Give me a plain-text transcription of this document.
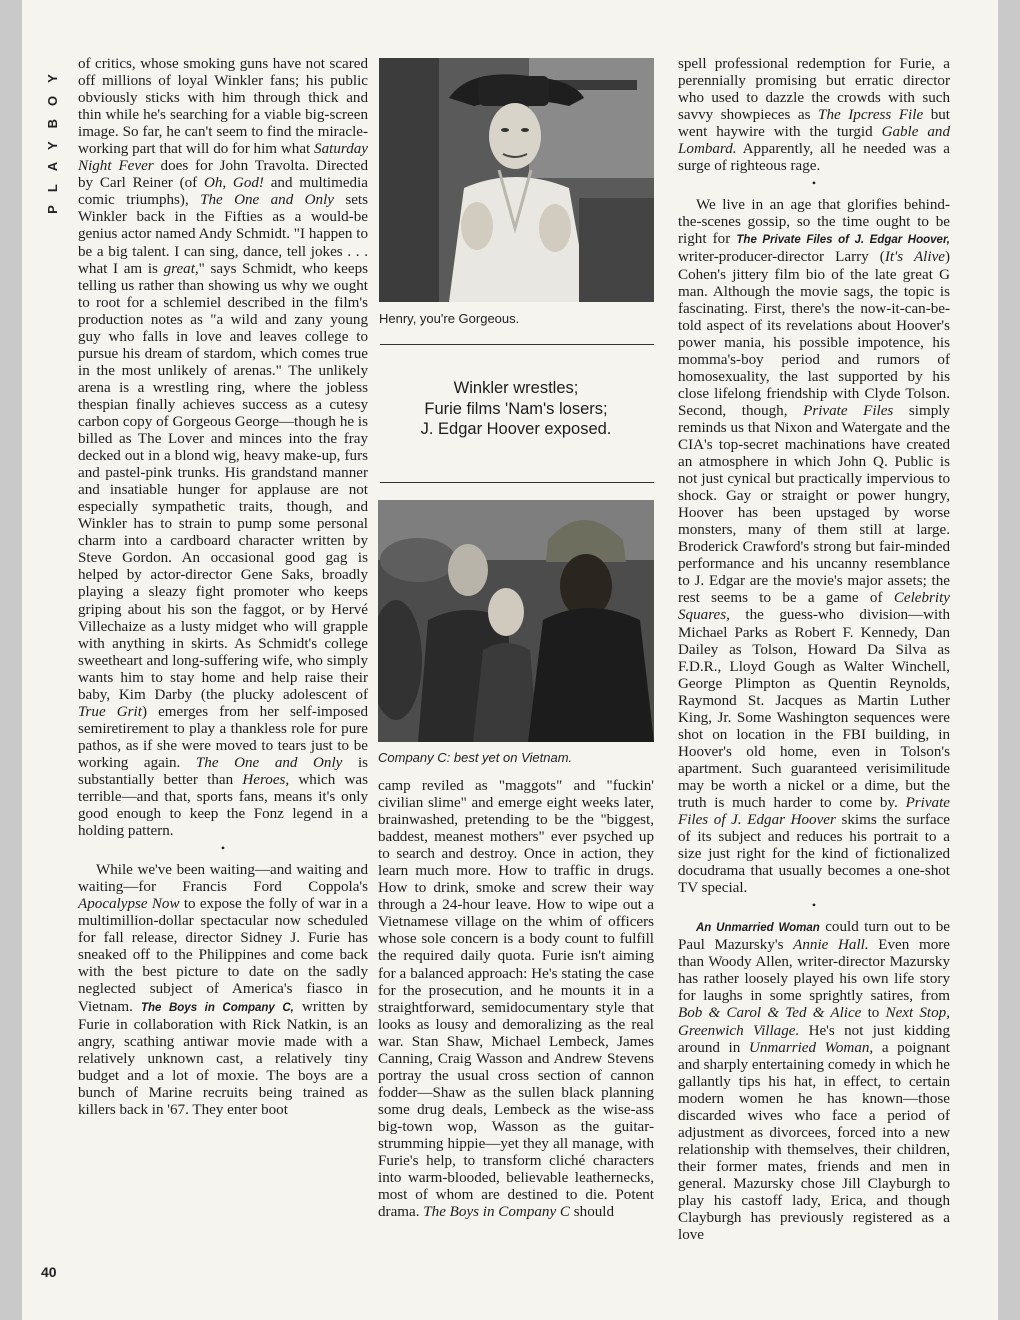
PLAYBOY of critics, whose smoking guns have not scared off millions of loyal Winkler fans; his public obviously sticks with him through thick and thin while he's searching for a viable big-screen image. So far, he can't seem to find the miracle-working part that will do for him what Saturday Night Fever does for John Travolta. Directed by Carl Reiner (of Oh, God! and multimedia comic triumphs), The One and Only sets Winkler back in the Fifties as a would-be genius actor named Andy Schmidt. "I happen to be a big talent. I can sing, dance, tell jokes . . . what I am is great," says Schmidt, who keeps telling us rather than showing us why we ought to root for a schlemiel described in the film's production notes as "a wild and zany young guy who falls in love and leaves college to pursue his dream of stardom, which comes true in the most unlikely of arenas." The unlikely arena is a wrestling ring, where the jobless thespian finally achieves success as a cutesy carbon copy of Gorgeous George—though he is billed as The Lover and minces into the fray decked out in a blond wig, heavy make-up, furs and pastel-pink trunks. His grandstand manner and insatiable hunger for applause are not especially sympathetic traits, though, and Winkler has to strain to pump some personal charm into a cardboard character written by Steve Gordon. An occasional good gag is helped by actor-director Gene Saks, broadly playing a sleazy fight promoter who keeps griping about his son the faggot, or by Hervé Villechaize as a lusty midget who will grapple with anything in skirts. As Schmidt's college sweetheart and long-suffering wife, who simply wants him to stay home and help raise their baby, Kim Darby (the plucky adolescent of True Grit) emerges from her self-imposed semiretirement to play a thankless role for pure pathos, as if she were moved to tears just to be working again. The One and Only is substantially better than Heroes, which was terrible—and that, sports fans, means it's only good enough to keep the Fonz legend in a holding pattern.

•

While we've been waiting—and waiting and waiting—for Francis Ford Coppola's Apocalypse Now to expose the folly of war in a multimillion-dollar spectacular now scheduled for fall release, director Sidney J. Furie has sneaked off to the Philippines and come back with the best picture to date on the sadly neglected subject of America's fiasco in Vietnam. The Boys in Company C, written by Furie in collaboration with Rick Natkin, is an angry, scathing antiwar movie made with a relatively unknown cast, a relatively tiny budget and a lot of moxie. The boys are a bunch of Marine recruits being trained as killers back in '67. They enter boot

Henry, you're Gorgeous.
Winkler wrestles;
Furie films 'Nam's losers;
J. Edgar Hoover exposed.
Company C: best yet on Vietnam.

camp reviled as "maggots" and "fuckin' civilian slime" and emerge eight weeks later, brainwashed, pretending to be the "biggest, baddest, meanest mothers" ever psyched up to search and destroy. Once in action, they learn much more. How to traffic in drugs. How to drink, smoke and screw their way through a 24-hour leave. How to wipe out a Vietnamese village on the whim of officers whose sole concern is a body count to fulfill the required daily quota. Furie isn't aiming for a balanced approach: He's stating the case for the prosecution, and he mounts it in a straightforward, semidocumentary style that looks as lousy and demoralizing as the real war. Stan Shaw, Michael Lembeck, James Canning, Craig Wasson and Andrew Stevens portray the usual cross section of cannon fodder—Shaw as the sullen black planning some drug deals, Lembeck as the wise-ass big-town wop, Wasson as the guitar-strumming hippie—yet they all manage, with Furie's help, to transform cliché characters into warm-blooded, believable leathernecks, most of whom are destined to die. Potent drama. The Boys in Company C should

spell professional redemption for Furie, a perennially promising but erratic director who used to dazzle the crowds with such savvy showpieces as The Ipcress File but went haywire with the turgid Gable and Lombard. Apparently, all he needed was a surge of righteous rage.

•

We live in an age that glorifies behind-the-scenes gossip, so the time ought to be right for The Private Files of J. Edgar Hoover, writer-producer-director Larry (It's Alive) Cohen's jittery film bio of the late great G man. Although the movie sags, the topic is fascinating. First, there's the now-it-can-be-told aspect of its revelations about Hoover's power mania, his possible impotence, his momma's-boy period and rumors of homosexuality, the last supported by his close lifelong friendship with Clyde Tolson. Second, though, Private Files simply reminds us that Nixon and Watergate and the CIA's top-secret machinations have created an atmosphere in which John Q. Public is not just cynical but practically impervious to shock. Gay or straight or power hungry, Hoover has been upstaged by worse monsters, many of them still at large. Broderick Crawford's strong but fair-minded performance and his uncanny resemblance to J. Edgar are the movie's major assets; the rest seems to be a game of Celebrity Squares, the guess-who division—with Michael Parks as Robert F. Kennedy, Dan Dailey as Tolson, Howard Da Silva as F.D.R., Lloyd Gough as Walter Winchell, George Plimpton as Quentin Reynolds, Raymond St. Jacques as Martin Luther King, Jr. Some Washington sequences were shot on location in the FBI building, in Hoover's old home, even in Tolson's apartment. Such guaranteed verisimilitude may be worth a nickel or a dime, but the truth is much harder to come by. Private Files of J. Edgar Hoover skims the surface of its subject and reduces his portrait to a size just right for the kind of fictionalized docudrama that usually becomes a one-shot TV special.

•

An Unmarried Woman could turn out to be Paul Mazursky's Annie Hall. Even more than Woody Allen, writer-director Mazursky has rather loosely played his own life story for laughs in some sprightly satires, from Bob & Carol & Ted & Alice to Next Stop, Greenwich Village. He's not just kidding around in Unmarried Woman, a poignant and sharply entertaining comedy in which he gallantly tips his hat, in effect, to certain modern women he has known—those discarded wives who face a period of adjustment as divorcees, forced into a new relationship with themselves, their children, their former mates, friends and men in general. Mazursky chose Jill Clayburgh to play his castoff lady, Erica, and though Clayburgh has previously registered as a love

40
